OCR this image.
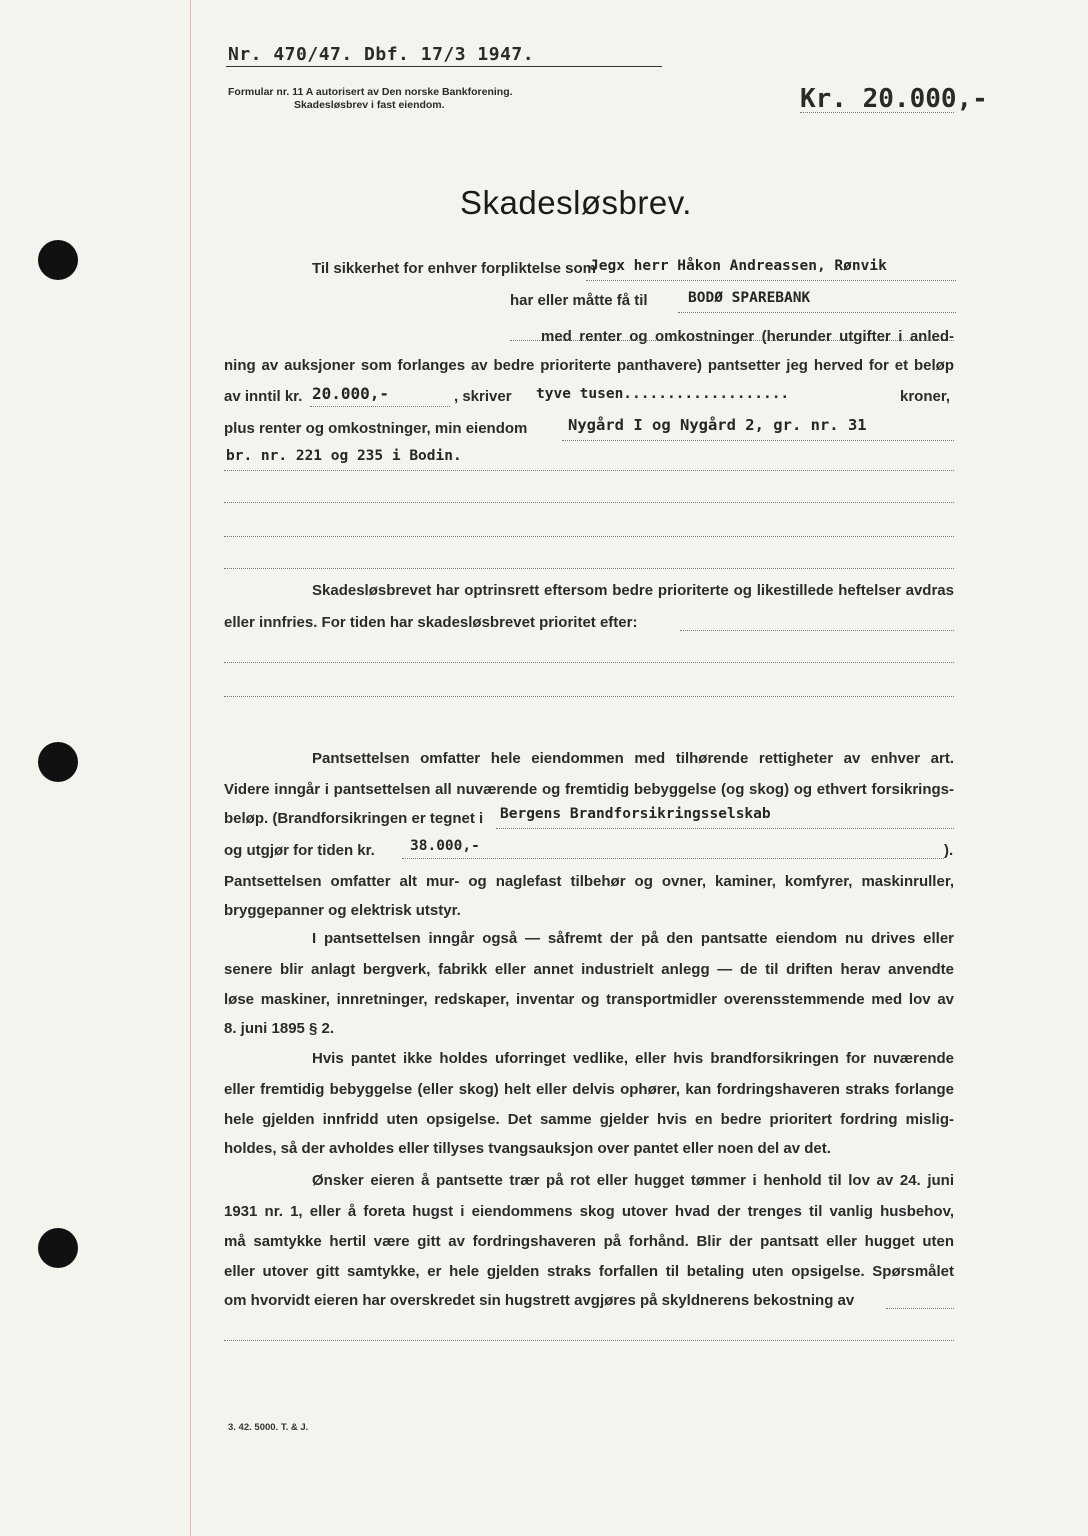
Nr. 470/47. Dbf. 17/3 1947.
Formular nr. 11 A autorisert av Den norske Bankforening.
Skadesløsbrev i fast eiendom.	Kr. 20.000,-
Skadesløsbrev.
Til sikkerhet for enhver forpliktelse som
Jegx herr Håkon Andreassen, Rønvik
har eller måtte få til	BODØ SPAREBANK
med renter og omkostninger (herunder utgifter i anled-
ning av auksjoner som forlanges av bedre prioriterte panthavere) pantsetter jeg herved for et beløp
av inntil kr. 20.000,-	, skriver tyve tusen...................	kroner,
plus renter og omkostninger, min eiendom	Nygård I og Nygård 2, gr. nr. 31
br. nr. 221 og 235 i Bodin.
Skadesløsbrevet har optrinsrett eftersom bedre prioriterte og likestillede heftelser avdras
eller innfries. For tiden har skadesløsbrevet prioritet efter:
Pantsettelsen omfatter hele eiendommen med tilhørende rettigheter av enhver art.
Videre inngår i pantsettelsen all nuværende og fremtidig bebyggelse (og skog) og ethvert forsikrings-
beløp. (Brandforsikringen er tegnet i Bergens Brandforsikringsselskab
og utgjør for tiden kr. 38.000,-	).
Pantsettelsen omfatter alt mur- og naglefast tilbehør og ovner, kaminer, komfyrer, maskinruller,
bryggepanner og elektrisk utstyr.
I pantsettelsen inngår også — såfremt der på den pantsatte eiendom nu drives eller
senere blir anlagt bergverk, fabrikk eller annet industrielt anlegg — de til driften herav anvendte
løse maskiner, innretninger, redskaper, inventar og transportmidler overensstemmende med lov av
8. juni 1895 § 2.
Hvis pantet ikke holdes uforringet vedlike, eller hvis brandforsikringen for nuværende
eller fremtidig bebyggelse (eller skog) helt eller delvis ophører, kan fordringshaveren straks forlange
hele gjelden innfridd uten opsigelse. Det samme gjelder hvis en bedre prioritert fordring mislig-
holdes, så der avholdes eller tillyses tvangsauksjon over pantet eller noen del av det.
Ønsker eieren å pantsette trær på rot eller hugget tømmer i henhold til lov av 24. juni
1931 nr. 1, eller å foreta hugst i eiendommens skog utover hvad der trenges til vanlig husbehov,
må samtykke hertil være gitt av fordringshaveren på forhånd. Blir der pantsatt eller hugget uten
eller utover gitt samtykke, er hele gjelden straks forfallen til betaling uten opsigelse. Spørsmålet
om hvorvidt eieren har overskredet sin hugstrett avgjøres på skyldnerens bekostning av
3. 42. 5000. T. & J.
